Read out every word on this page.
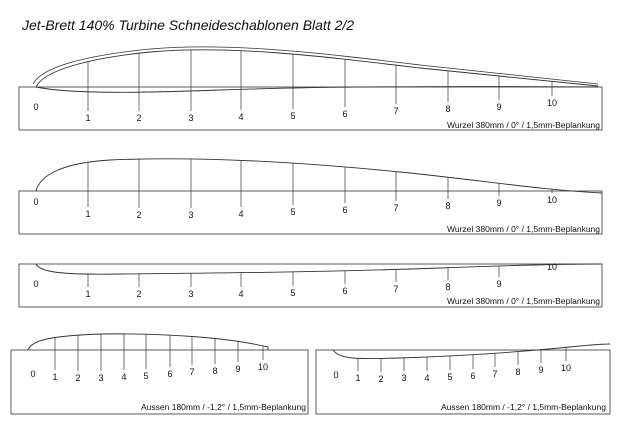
Jet-Brett 140% Turbine Schneideschablonen Blatt 2/2
0
1	2	3	4	5	6	7	8	9	10
Wurzel 380mm / 0° / 1,5mm-Beplankung
0
1	2	3	4	5	6	7	8	9	10
Wurzel 380mm / 0° / 1,5mm-Beplankung
0
1	2	3	4	5	6	7	8	9
10
Wurzel 380mm / 0° / 1,5mm-Beplankung
0 1 2 3 4 5 6 7 8 9 10
Aussen 180mm / -1,2° / 1,5mm-Beplankung
0 1 2 3 4 5 6 7 8 9 10
Aussen 180mm / -1,2° / 1,5mm-Beplankung
